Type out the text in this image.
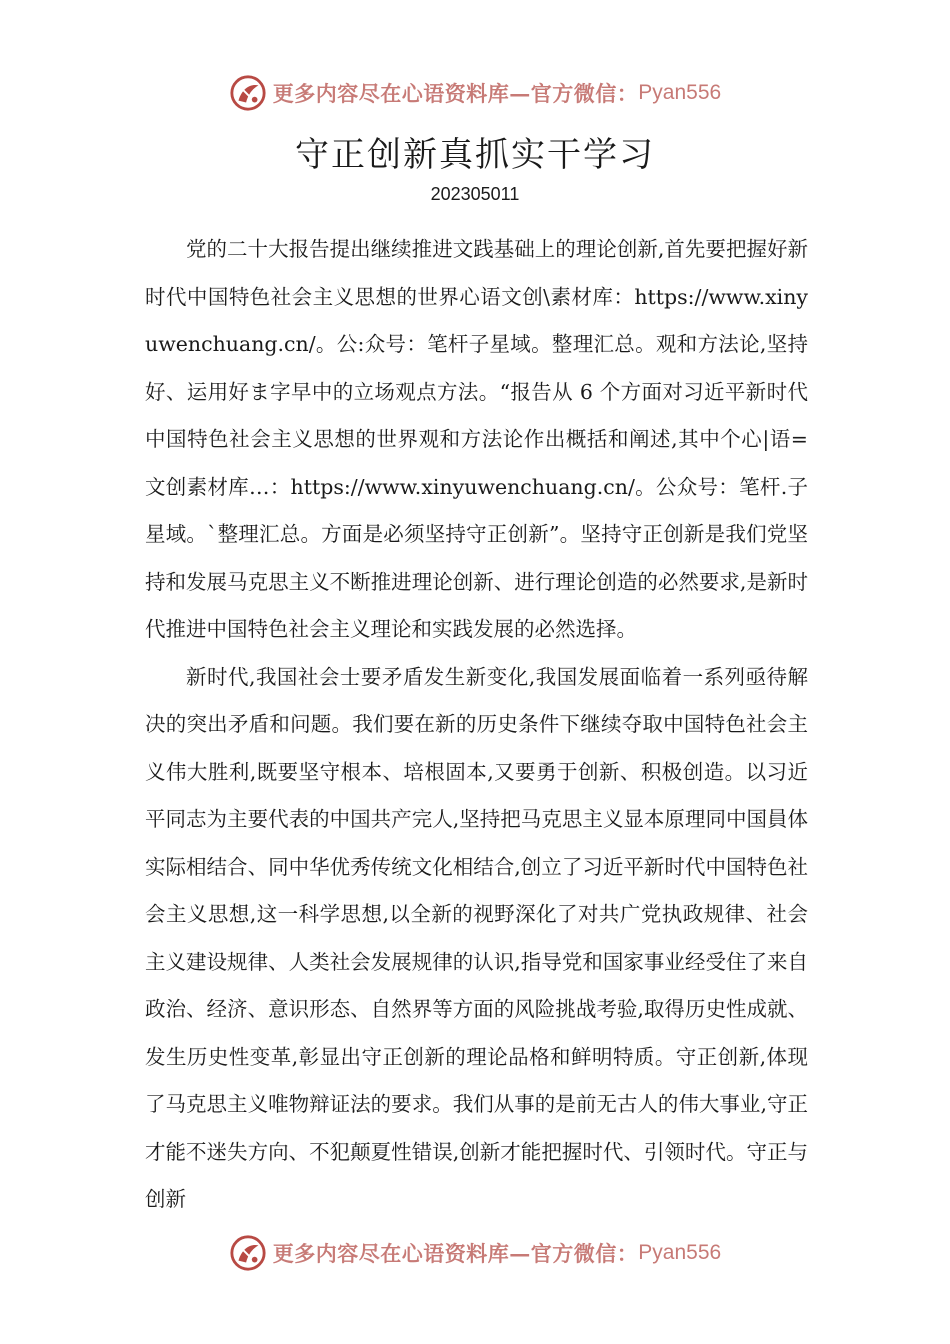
更多内容尽在心语资料库—官方微信： Pyan556
守正创新真抓实干学习
202305011

党的二十大报告提出继续推进文践基础上的理论创新,首先要把握好新时代中国特色社会主义思想的世界心语文创\素材库：https://www.xinyuwenchuang.cn/。公:众号：笔杆子星域。整理汇总。观和方法论,坚持好、运用好ま字早中的立场观点方法。“报告从 6 个方面对习近平新时代中国特色社会主义思想的世界观和方法论作出概括和阐述,其中个心|语=文创素材库…：https://www.xinyuwenchuang.cn/。公众号：笔杆.子星域。`整理汇总。方面是必须坚持守正创新”。坚持守正创新是我们党坚持和发展马克思主义不断推进理论创新、进行理论创造的必然要求,是新时代推进中国特色社会主义理论和实践发展的必然选择。

新时代,我国社会士要矛盾发生新变化,我国发展面临着一系列亟待解决的突出矛盾和问题。我们要在新的历史条件下继续夺取中国特色社会主义伟大胜利,既要坚守根本、培根固本,又要勇于创新、积极创造。以习近平同志为主要代表的中国共产完人,坚持把马克思主义显本原理同中国員体实际相结合、同中华优秀传统文化相结合,创立了习近平新时代中国特色社会主义思想,这一科学思想,以全新的视野深化了对共广党执政规律、社会主义建设规律、人类社会发展规律的认识,指导党和国家事业经受住了来自政治、经济、意识形态、自然界等方面的风险挑战考验,取得历史性成就、发生历史性变革,彰显出守正创新的理论品格和鲜明特质。守正创新,体现了马克思主义唯物辩证法的要求。我们从事的是前无古人的伟大事业,守正才能不迷失方向、不犯颠夏性错误,创新才能把握时代、引领时代。守正与创新

更多内容尽在心语资料库—官方微信： Pyan556
